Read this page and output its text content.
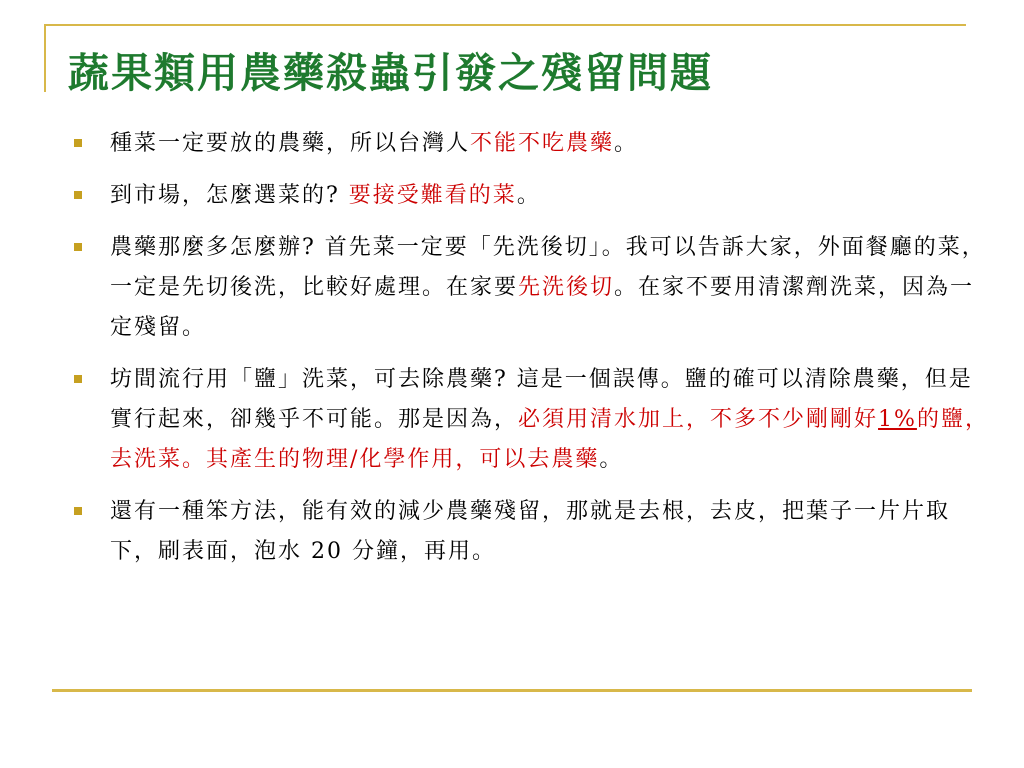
蔬果類用農藥殺蟲引發之殘留問題
種菜一定要放的農藥，所以台灣人不能不吃農藥。
到市場，怎麼選菜的? 要接受難看的菜。
農藥那麼多怎麼辦? 首先菜一定要「先洗後切」。我可以告訴大家，外面餐廳的菜，一定是先切後洗，比較好處理。在家要先洗後切。在家不要用清潔劑洗菜，因為一定殘留。
坊間流行用「鹽」洗菜，可去除農藥? 這是一個誤傳。鹽的確可以清除農藥，但是實行起來，卻幾乎不可能。那是因為，必須用清水加上，不多不少剛剛好1%的鹽，去洗菜。其產生的物理/化學作用，可以去農藥。
還有一種笨方法，能有效的減少農藥殘留，那就是去根，去皮，把葉子一片片取下，刷表面，泡水 20 分鐘，再用。
